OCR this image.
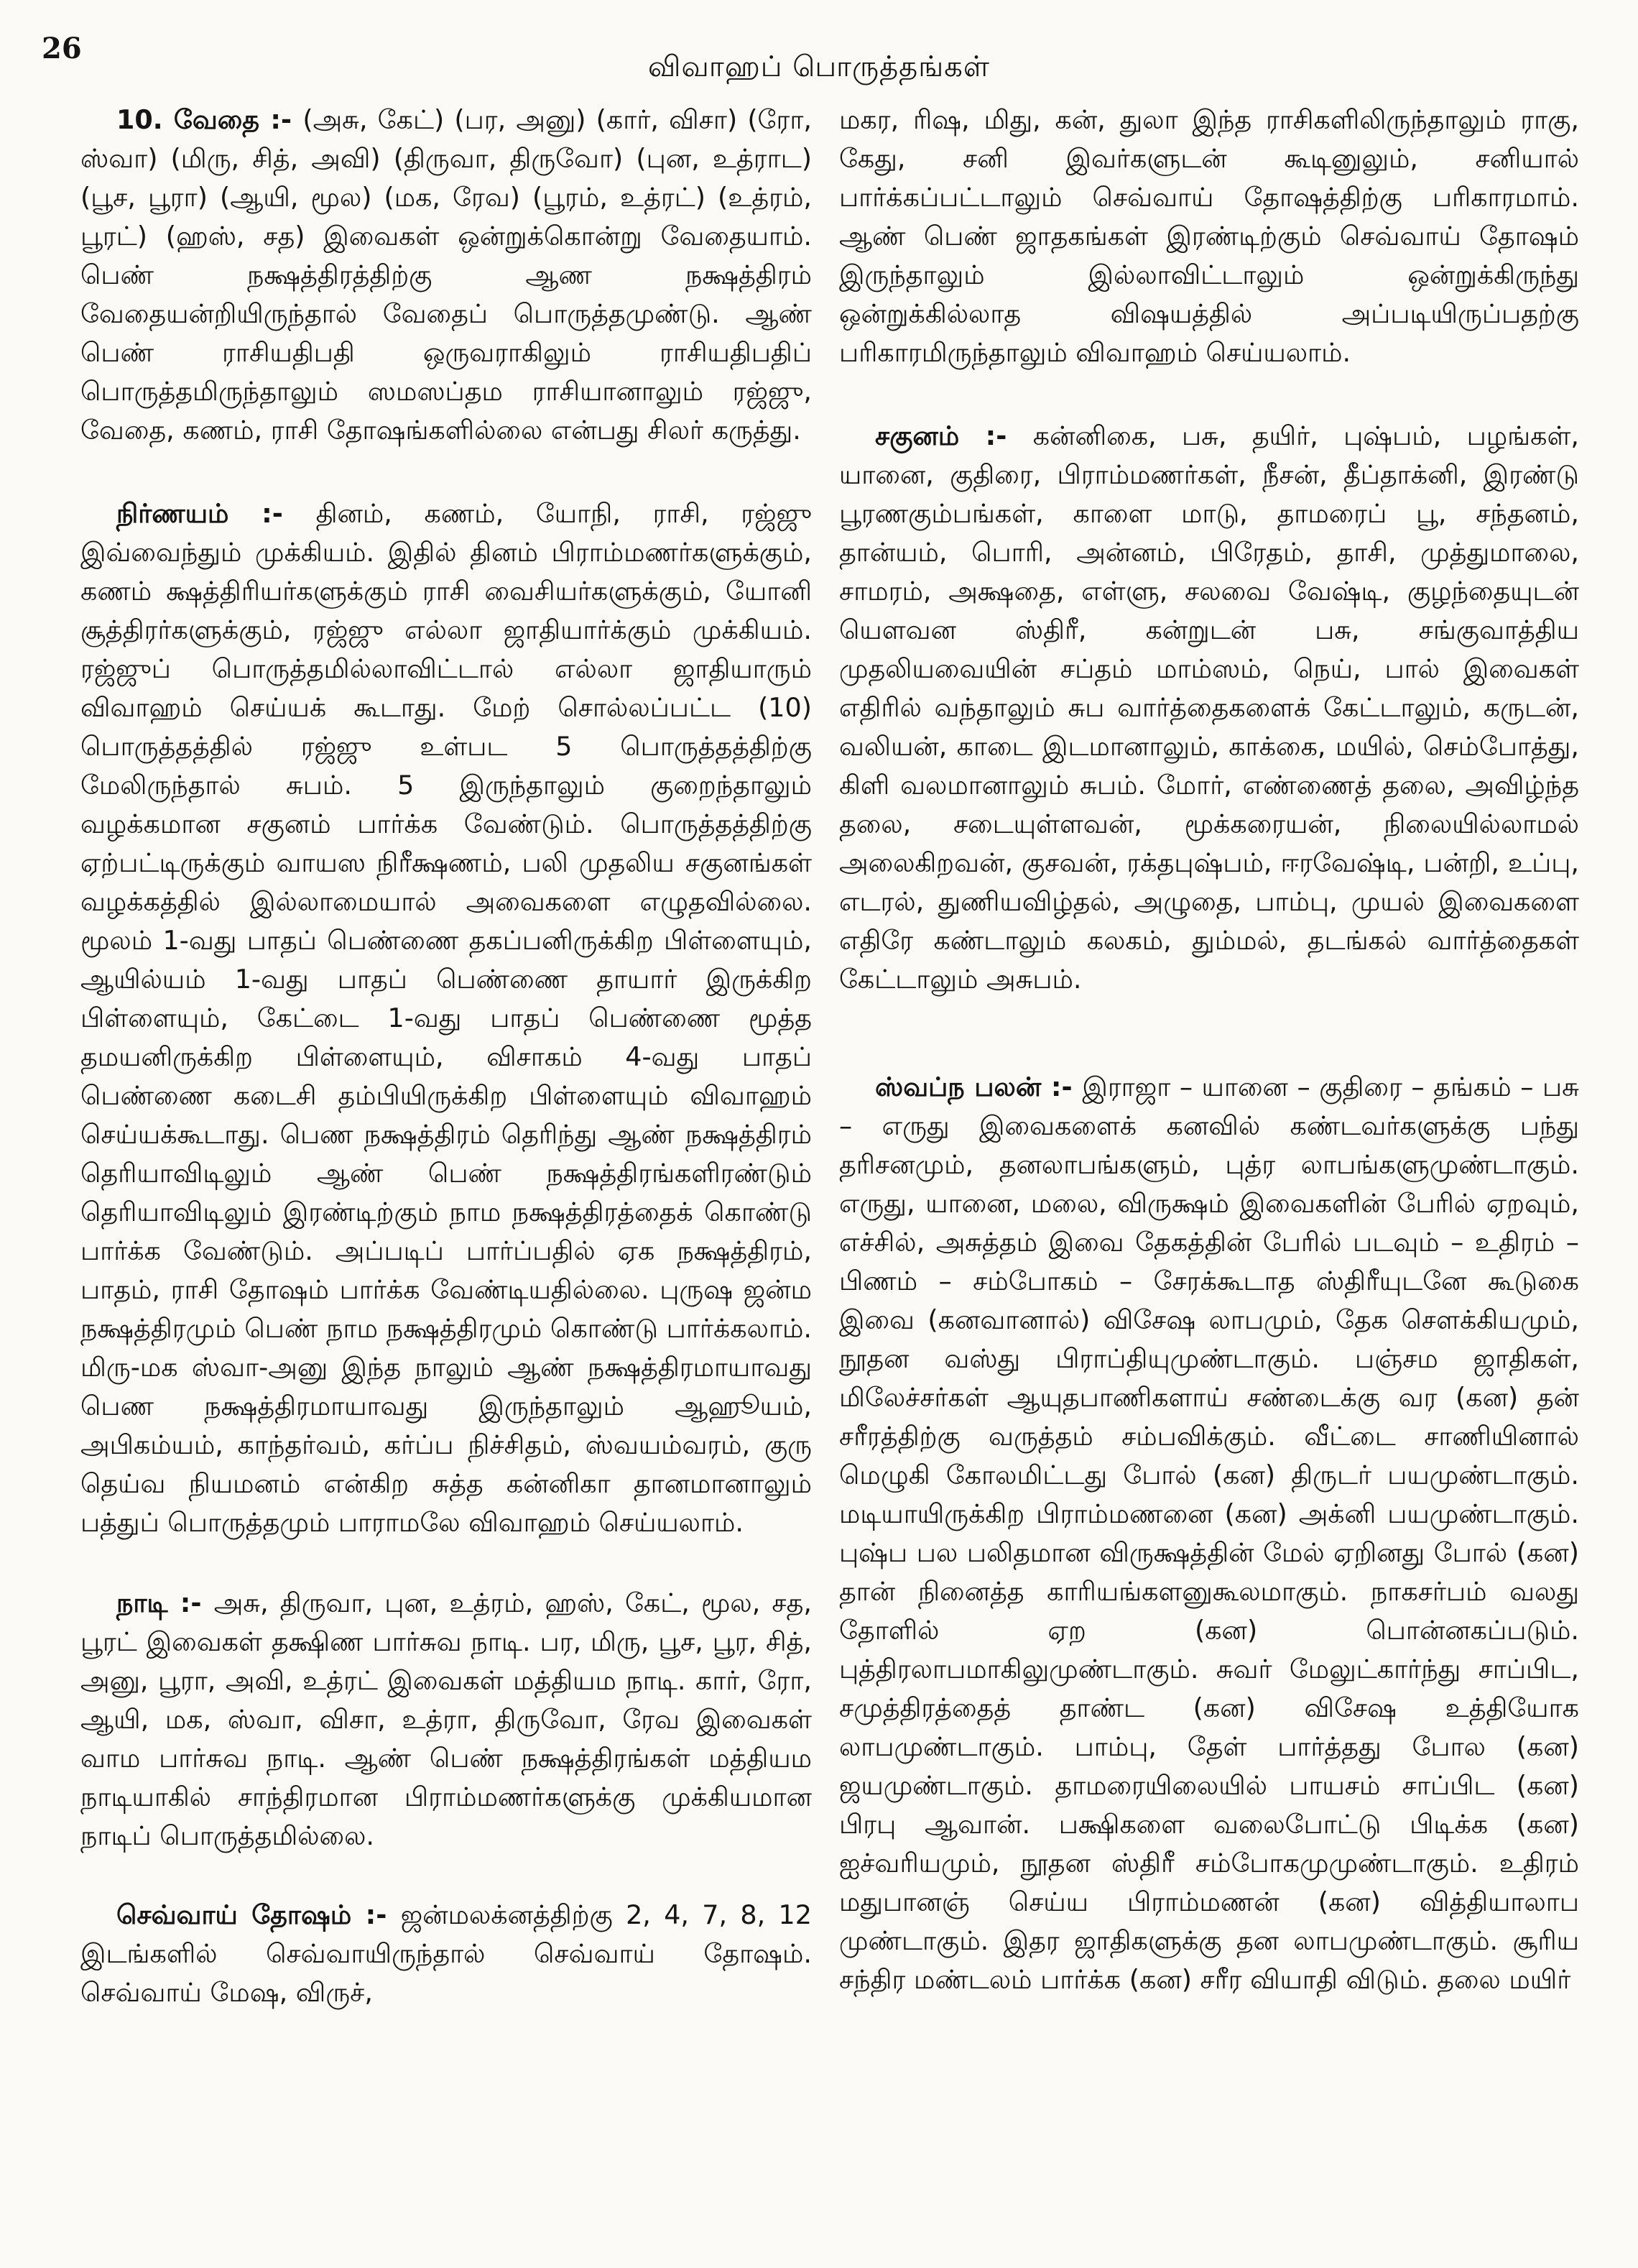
26
விவாஹப் பொருத்தங்கள்

10. வேதை :- (அசு, கேட்) (பர, அனு) (கார், விசா) (ரோ, ஸ்வா) (மிரு, சித், அவி) (திருவா, திருவோ) (புன, உத்ராட) (பூச, பூரா) (ஆயி, மூல) (மக, ரேவ) (பூரம், உத்ரட்) (உத்ரம், பூரட்) (ஹஸ், சத) இவைகள் ஒன்றுக்கொன்று வேதையாம். பெண் நக்ஷத்திரத்திற்கு ஆண நக்ஷத்திரம் வேதையன்றியிருந்தால் வேதைப் பொருத்தமுண்டு. ஆண் பெண் ராசியதிபதி ஒருவராகிலும் ராசியதிபதிப் பொருத்தமிருந்தாலும் ஸமஸப்தம ராசியானாலும் ரஜ்ஜு, வேதை, கணம், ராசி தோஷங்களில்லை என்பது சிலர் கருத்து.

நிர்ணயம் :-	தினம், கணம், யோநி, ராசி, ரஜ்ஜு இவ்வைந்தும் முக்கியம். இதில் தினம் பிராம்மணர்களுக்கும், கணம் க்ஷத்திரியர்களுக்கும் ராசி வைசியர்களுக்கும், யோனி சூத்திரர்களுக்கும், ரஜ்ஜு எல்லா ஜாதியார்க்கும் முக்கியம். ரஜ்ஜுப் பொருத்தமில்லாவிட்டால் எல்லா ஜாதியாரும் விவாஹம் செய்யக் கூடாது. மேற் சொல்லப்பட்ட (10) பொருத்தத்தில் ரஜ்ஜு உள்பட 5 பொருத்தத்திற்கு மேலிருந்தால் சுபம். 5 இருந்தாலும் குறைந்தாலும் வழக்கமான சகுனம் பார்க்க வேண்டும். பொருத்தத்திற்கு ஏற்பட்டிருக்கும் வாயஸ நிரீக்ஷணம், பலி முதலிய சகுனங்கள் வழக்கத்தில் இல்லாமையால் அவைகளை எழுதவில்லை. மூலம் 1-வது பாதப் பெண்ணை தகப்பனிருக்கிற பிள்ளையும், ஆயில்யம் 1-வது பாதப் பெண்ணை தாயார் இருக்கிற பிள்ளையும், கேட்டை 1-வது பாதப் பெண்ணை மூத்த தமயனிருக்கிற பிள்ளையும், விசாகம் 4-வது பாதப் பெண்ணை கடைசி தம்பியிருக்கிற பிள்ளையும் விவாஹம் செய்யக்கூடாது. பெண நக்ஷத்திரம் தெரிந்து ஆண் நக்ஷத்திரம் தெரியாவிடிலும் ஆண் பெண் நக்ஷத்திரங்களிரண்டும் தெரியாவிடிலும் இரண்டிற்கும் நாம நக்ஷத்திரத்தைக் கொண்டு பார்க்க வேண்டும். அப்படிப் பார்ப்பதில் ஏக நக்ஷத்திரம், பாதம், ராசி தோஷம் பார்க்க வேண்டியதில்லை. புருஷ ஜன்ம நக்ஷத்திரமும் பெண் நாம நக்ஷத்திரமும் கொண்டு பார்க்கலாம். மிரு-மக ஸ்வா-அனு இந்த நாலும் ஆண் நக்ஷத்திரமாயாவது பெண நக்ஷத்திரமாயாவது இருந்தாலும் ஆஹூயம், அபிகம்யம், காந்தர்வம், கர்ப்ப நிச்சிதம், ஸ்வயம்வரம், குரு தெய்வ நியமனம் என்கிற சுத்த கன்னிகா தானமானாலும் பத்துப் பொருத்தமும் பாராமலே விவாஹம் செய்யலாம்.

நாடி :- அசு, திருவா, புன, உத்ரம், ஹஸ், கேட், மூல, சத, பூரட் இவைகள் தக்ஷிண பார்சுவ நாடி. பர, மிரு, பூச, பூர, சித், அனு, பூரா, அவி, உத்ரட் இவைகள் மத்தியம நாடி. கார், ரோ, ஆயி, மக, ஸ்வா, விசா, உத்ரா, திருவோ, ரேவ இவைகள் வாம பார்சுவ நாடி. ஆண் பெண் நக்ஷத்திரங்கள் மத்தியம நாடியாகில் சாந்திரமான பிராம்மணர்களுக்கு முக்கியமான நாடிப் பொருத்தமில்லை.

செவ்வாய் தோஷம் :- ஜன்மலக்னத்திற்கு 2, 4, 7, 8, 12 இடங்களில் செவ்வாயிருந்தால் செவ்வாய் தோஷம். செவ்வாய் மேஷ, விருச்,

மகர, ரிஷ, மிது, கன், துலா இந்த ராசிகளிலிருந்தாலும் ராகு, கேது, சனி இவர்களுடன் கூடினுலும், சனியால் பார்க்கப்பட்டாலும் செவ்வாய் தோஷத்திற்கு பரிகாரமாம். ஆண் பெண் ஜாதகங்கள் இரண்டிற்கும் செவ்வாய் தோஷம் இருந்தாலும் இல்லாவிட்டாலும் ஒன்றுக்கிருந்து ஒன்றுக்கில்லாத விஷயத்தில் அப்படியிருப்பதற்கு பரிகாரமிருந்தாலும் விவாஹம் செய்யலாம்.

சகுனம் :-	கன்னிகை, பசு, தயிர், புஷ்பம், பழங்கள், யானை, குதிரை, பிராம்மணர்கள், நீசன், தீப்தாக்னி, இரண்டு பூரணகும்பங்கள், காளை மாடு, தாமரைப் பூ, சந்தனம், தான்யம், பொரி, அன்னம், பிரேதம், தாசி, முத்துமாலை, சாமரம், அக்ஷதை, எள்ளு, சலவை வேஷ்டி, குழந்தையுடன் யௌவன ஸ்திரீ, கன்றுடன் பசு, சங்குவாத்திய முதலியவையின் சப்தம் மாம்ஸம், நெய், பால் இவைகள் எதிரில் வந்தாலும் சுப வார்த்தைகளைக் கேட்டாலும், கருடன், வலியன், காடை இடமானாலும், காக்கை, மயில், செம்போத்து, கிளி வலமானாலும் சுபம். மோர், எண்ணைத் தலை, அவிழ்ந்த தலை, சடையுள்ளவன், மூக்கரையன், நிலையில்லாமல் அலைகிறவன், குசவன், ரக்தபுஷ்பம், ஈரவேஷ்டி, பன்றி, உப்பு, எடரல், துணியவிழ்தல், அழுதை, பாம்பு, முயல் இவைகளை எதிரே கண்டாலும் கலகம், தும்மல், தடங்கல் வார்த்தைகள் கேட்டாலும் அசுபம்.

ஸ்வப்ந பலன் :- இராஜா – யானை – குதிரை – தங்கம் – பசு – எருது இவைகளைக் கனவில் கண்டவர்களுக்கு பந்து தரிசனமும், தனலாபங்களும், புத்ர லாபங்களுமுண்டாகும். எருது, யானை, மலை, விருக்ஷம் இவைகளின் பேரில் ஏறவும், எச்சில், அசுத்தம் இவை தேகத்தின் பேரில் படவும் – உதிரம் – பிணம் – சம்போகம் – சேரக்கூடாத ஸ்திரீயுடனே கூடுகை இவை (கனவானால்) விசேஷ லாபமும், தேக சௌக்கியமும், நூதன வஸ்து பிராப்தியுமுண்டாகும். பஞ்சம ஜாதிகள், மிலேச்சர்கள் ஆயுதபாணிகளாய் சண்டைக்கு வர (கன) தன் சரீரத்திற்கு வருத்தம் சம்பவிக்கும். வீட்டை சாணியினால் மெழுகி கோலமிட்டது போல் (கன) திருடர் பயமுண்டாகும். மடியாயிருக்கிற பிராம்மணனை (கன) அக்னி பயமுண்டாகும். புஷ்ப பல பலிதமான விருக்ஷத்தின் மேல் ஏறினது போல் (கன) தான் நினைத்த காரியங்களனுகூலமாகும். நாகசர்பம் வலது தோளில் ஏற (கன) பொன்னகப்படும். புத்திரலாபமாகிலுமுண்டாகும். சுவர் மேலுட்கார்ந்து சாப்பிட, சமுத்திரத்தைத் தாண்ட (கன) விசேஷ உத்தியோக லாபமுண்டாகும். பாம்பு, தேள் பார்த்தது போல (கன) ஜயமுண்டாகும். தாமரையிலையில் பாயசம் சாப்பிட (கன) பிரபு ஆவான். பக்ஷிகளை வலைபோட்டு பிடிக்க (கன) ஐச்வரியமும், நூதன ஸ்திரீ சம்போகமுமுண்டாகும். உதிரம் மதுபானஞ் செய்ய பிராம்மணன் (கன) வித்தியாலாப முண்டாகும். இதர ஜாதிகளுக்கு தன லாபமுண்டாகும். சூரிய சந்திர மண்டலம் பார்க்க (கன) சரீர வியாதி விடும். தலை மயிர்
